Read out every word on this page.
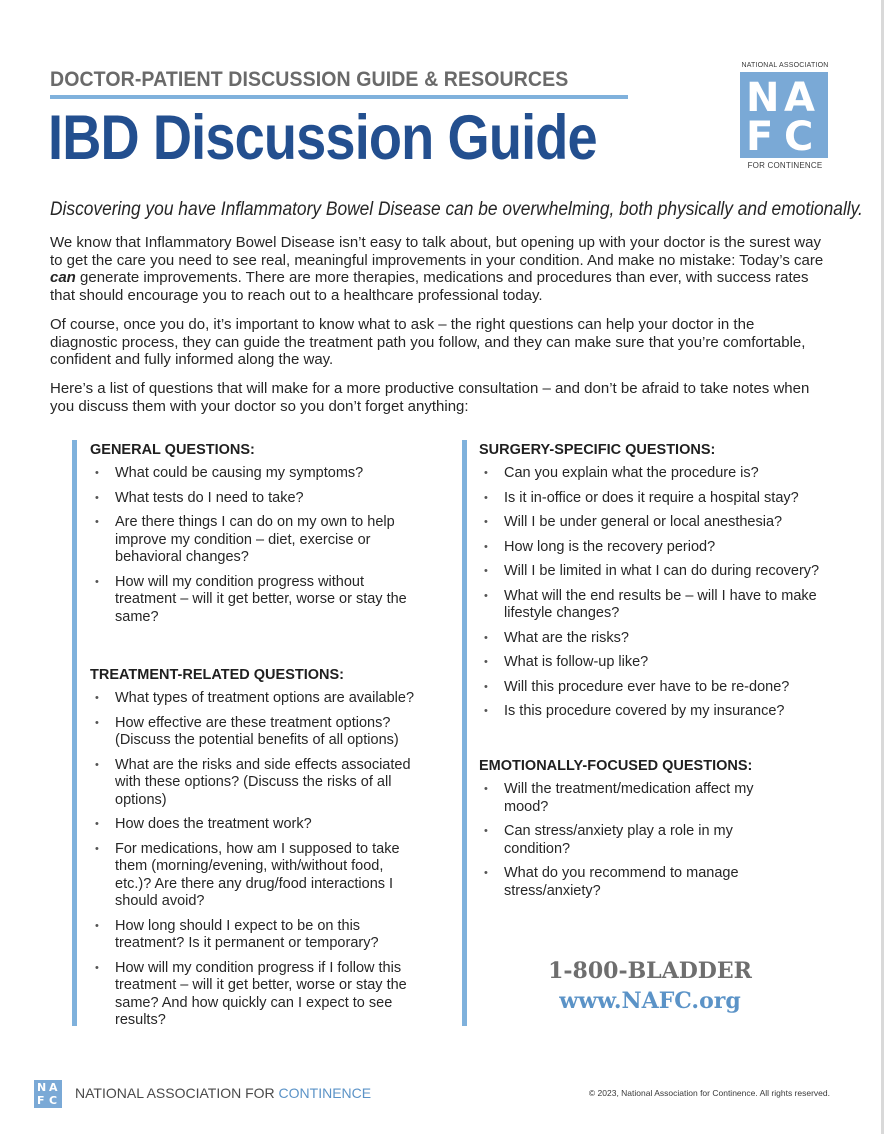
DOCTOR-PATIENT DISCUSSION GUIDE & RESOURCES
IBD Discussion Guide
NATIONAL ASSOCIATION
N A
F C
FOR CONTINENCE
Discovering you have Inflammatory Bowel Disease can be overwhelming, both physically and emotionally.

We know that Inflammatory Bowel Disease isn’t easy to talk about, but opening up with your doctor is the surest way to get the care you need to see real, meaningful improvements in your condition. And make no mistake: Today’s care can generate improvements. There are more therapies, medications and procedures than ever, with success rates that should encourage you to reach out to a healthcare professional today.

Of course, once you do, it’s important to know what to ask – the right questions can help your doctor in the diagnostic process, they can guide the treatment path you follow, and they can make sure that you’re comfortable, confident and fully informed along the way.

Here’s a list of questions that will make for a more productive consultation – and don’t be afraid to take notes when you discuss them with your doctor so you don’t forget anything:

GENERAL QUESTIONS:
• What could be causing my symptoms?
• What tests do I need to take?
• Are there things I can do on my own to help improve my condition – diet, exercise or behavioral changes?
• How will my condition progress without treatment – will it get better, worse or stay the same?
TREATMENT-RELATED QUESTIONS:
• What types of treatment options are available?
• How effective are these treatment options? (Discuss the potential benefits of all options)
• What are the risks and side effects associated with these options? (Discuss the risks of all options)
• How does the treatment work?
• For medications, how am I supposed to take them (morning/evening, with/without food, etc.)? Are there any drug/food interactions I should avoid?
• How long should I expect to be on this treatment? Is it permanent or temporary?
• How will my condition progress if I follow this treatment – will it get better, worse or stay the same? And how quickly can I expect to see results?
SURGERY-SPECIFIC QUESTIONS:
• Can you explain what the procedure is?
• Is it in-office or does it require a hospital stay?
• Will I be under general or local anesthesia?
• How long is the recovery period?
• Will I be limited in what I can do during recovery?
• What will the end results be – will I have to make lifestyle changes?
• What are the risks?
• What is follow-up like?
• Will this procedure ever have to be re-done?
• Is this procedure covered by my insurance?
EMOTIONALLY-FOCUSED QUESTIONS:
• Will the treatment/medication affect my mood?
• Can stress/anxiety play a role in my condition?
• What do you recommend to manage stress/anxiety?
1-800-BLADDER
www.NAFC.org
N A
F C NATIONAL ASSOCIATION FOR CONTINENCE	© 2023, National Association for Continence. All rights reserved.
